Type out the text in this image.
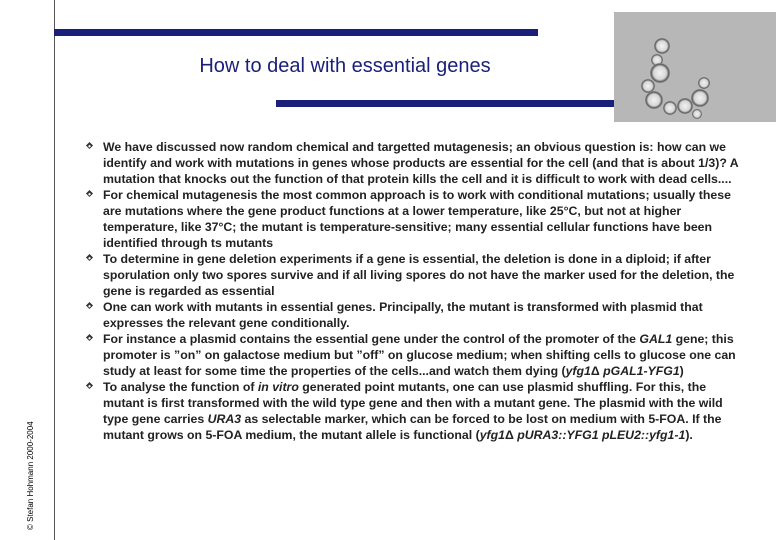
How to deal with essential genes
© Stefan Hohmann 2000-2004
We have discussed now random chemical and targetted mutagenesis; an obvious question is: how can we identify and work with mutations in genes whose products are essential for the cell (and that is about 1/3)? A mutation that knocks out the function of that protein kills the cell and it is difficult to work with dead cells....
For chemical mutagenesis the most common approach is to work with conditional mutations; usually these are mutations where the gene product functions at a lower temperature, like 25°C, but not at higher temperature, like 37°C; the mutant is temperature-sensitive; many essential cellular functions have been identified through ts mutants
To determine in gene deletion experiments if a gene is essential, the deletion is done in a diploid; if after sporulation only two spores survive and if all living spores do not have the marker used for the deletion, the gene is regarded as essential
One can work with mutants in essential genes. Principally, the mutant is transformed with plasmid that expresses the relevant gene conditionally.
For instance a plasmid contains the essential gene under the control of the promoter of the GAL1 gene; this promoter is ”on” on galactose medium but ”off” on glucose medium; when shifting cells to glucose one can study at least for some time the properties of the cells...and watch them dying (yfg1Δ pGAL1-YFG1)
To analyse the function of in vitro generated point mutants, one can use plasmid shuffling. For this, the mutant is first transformed with the wild type gene and then with a mutant gene. The plasmid with the wild type gene carries URA3 as selectable marker, which can be forced to be lost on medium with 5-FOA. If the mutant grows on 5-FOA medium, the mutant allele is functional (yfg1Δ pURA3::YFG1 pLEU2::yfg1-1).
